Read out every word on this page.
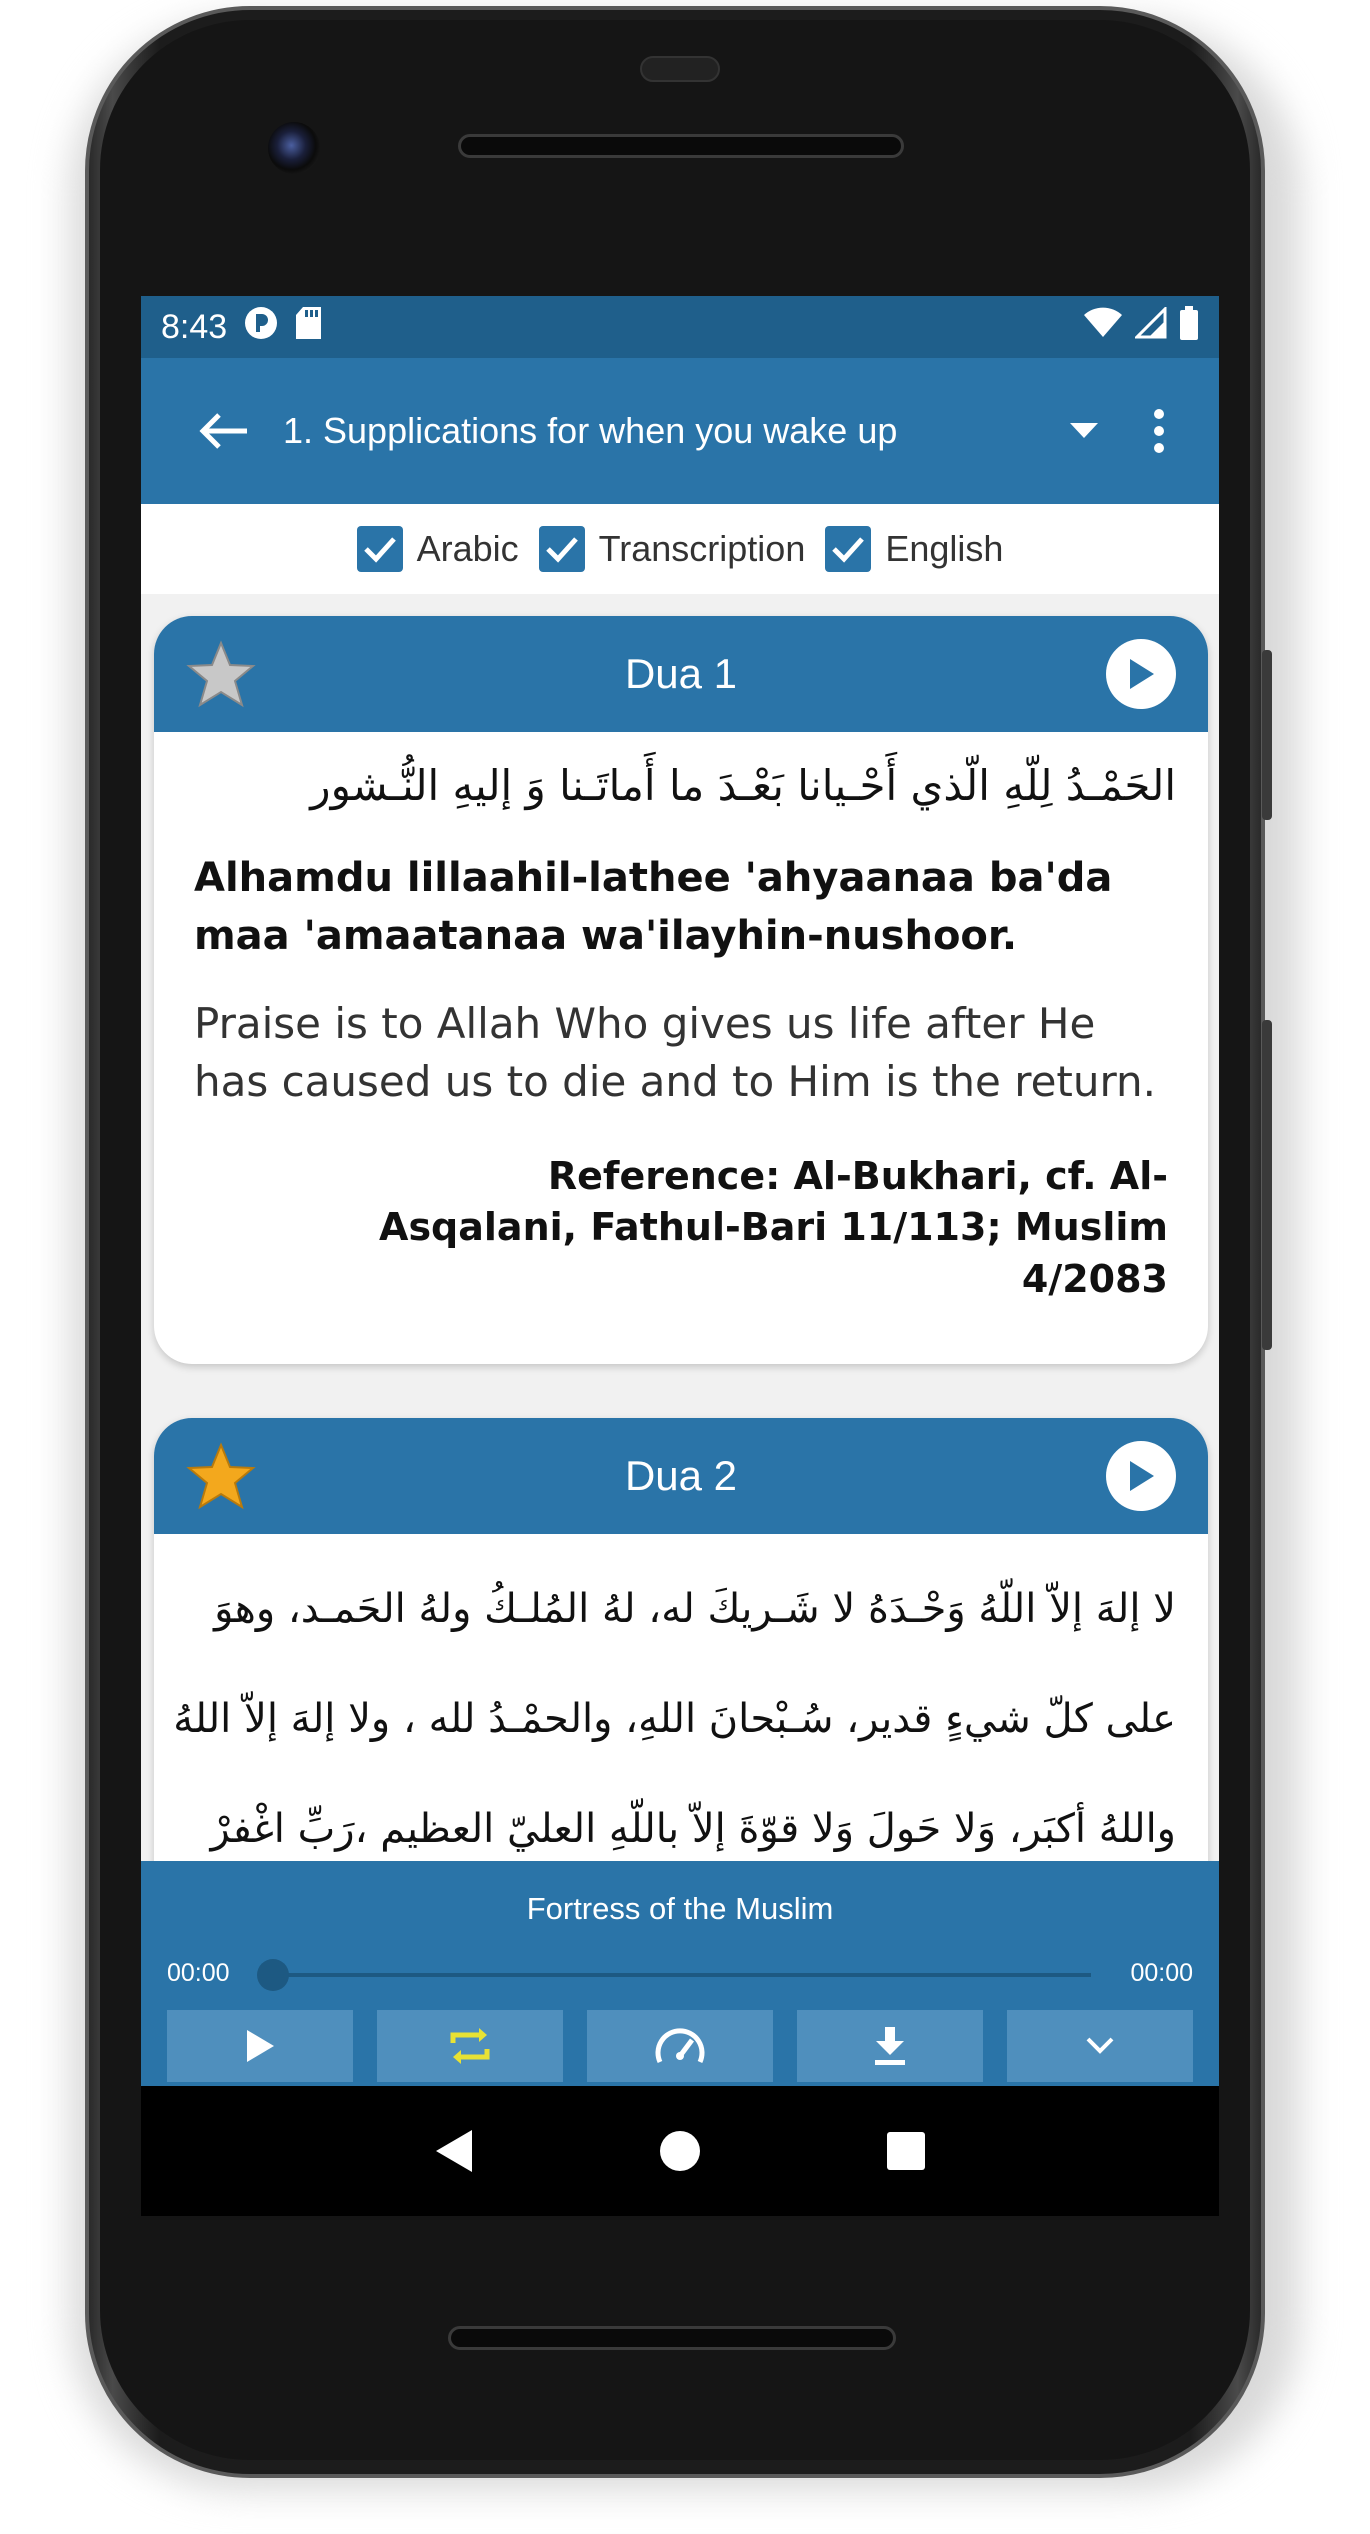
8:43
1. Supplications for when you wake up
Arabic Transcription English
Dua 1
الحَمْـدُ لِلّهِ الّذي أَحْـيانا بَعْـدَ ما أَماتَـنا وَ إليهِ النُّـشور
Alhamdu lillaahil-lathee 'ahyaanaa ba'da maa 'amaatanaa wa'ilayhin-nushoor.
Praise is to Allah Who gives us life after He has caused us to die and to Him is the return.
Reference: Al-Bukhari, cf. Al-Asqalani, Fathul-Bari 11/113; Muslim 4/2083
Dua 2
لا إلهَ إلاّ اللّهُ وَحْـدَهُ لا شَـريكَ له، لهُ المُلـكُ ولهُ الحَمـد، وهوَ
على كلّ شيءٍ قدير، سُـبْحانَ اللهِ، والحمْـدُ لله ، ولا إلهَ إلاّ اللهُ
واللهُ أكبَر، وَلا حَولَ وَلا قوّةَ إلاّ باللّهِ العليّ العظيم ،رَبِّ اغْفرْ
Fortress of the Muslim
00:00	00:00
